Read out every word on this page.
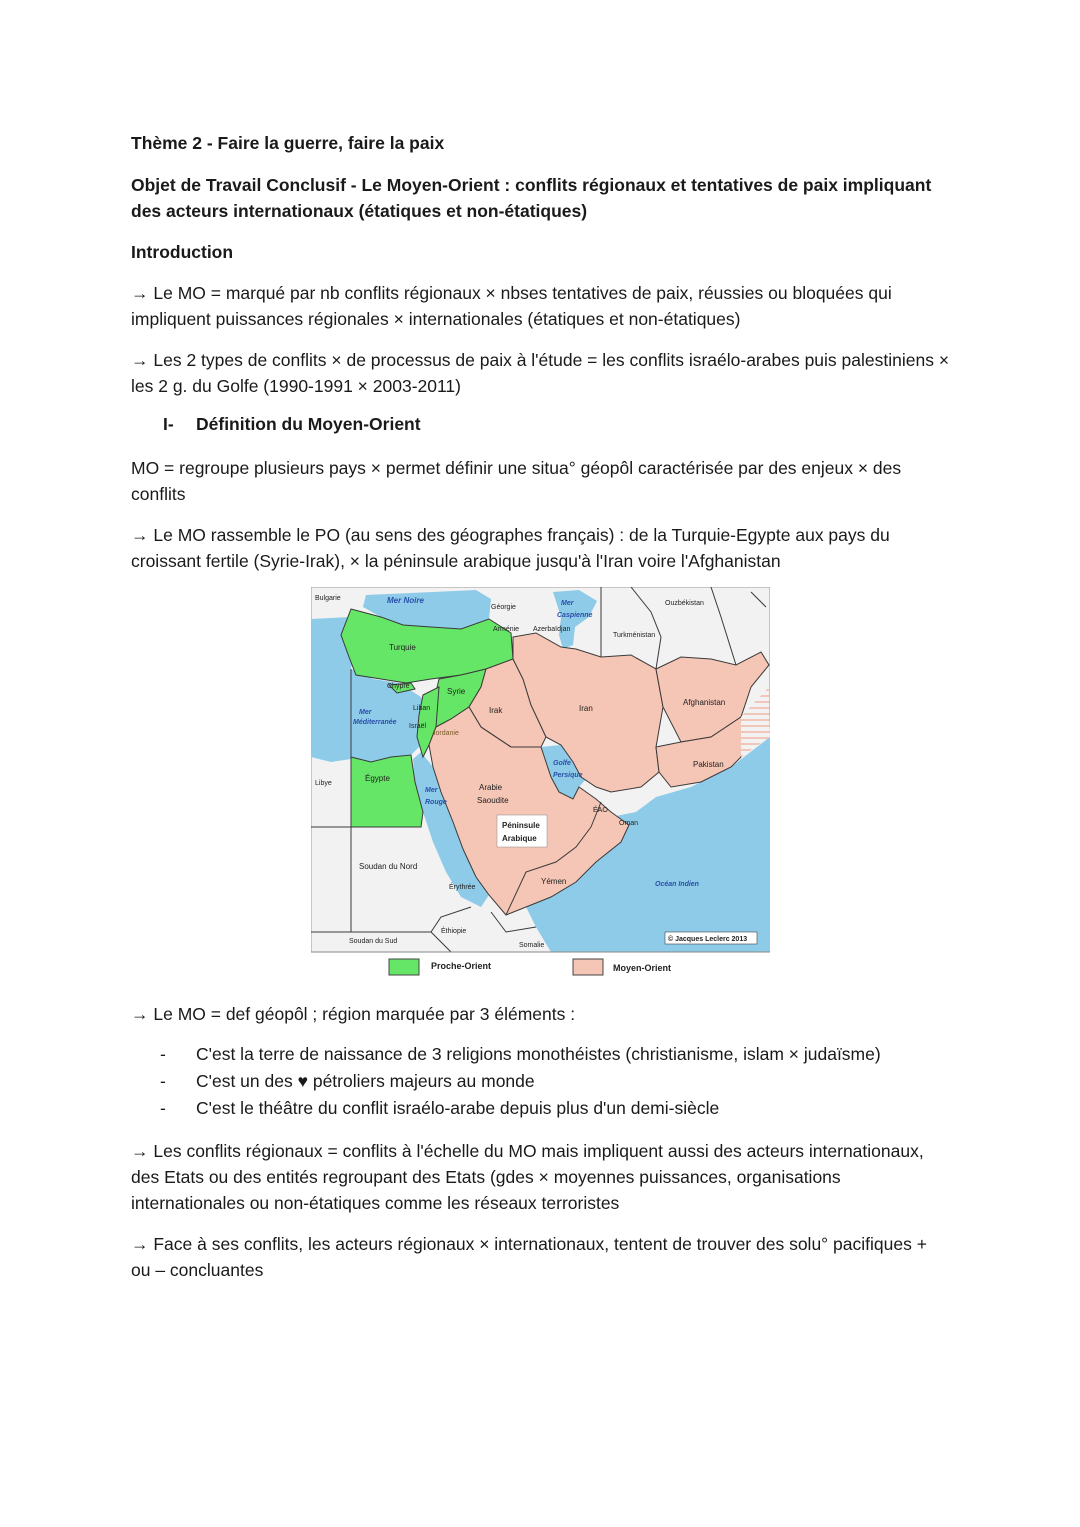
Thème 2 - Faire la guerre, faire la paix

Objet de Travail Conclusif - Le Moyen-Orient : conflits régionaux et tentatives de paix impliquant des acteurs internationaux (étatiques et non-étatiques)

Introduction

→ Le MO = marqué par nb conflits régionaux × nbses tentatives de paix, réussies ou bloquées qui impliquent puissances régionales × internationales (étatiques et non-étatiques)

→ Les 2 types de conflits × de processus de paix à l'étude = les conflits israélo-arabes puis palestiniens × les 2 g. du Golfe (1990-1991 × 2003-2011)

I- Définition du Moyen-Orient

MO = regroupe plusieurs pays × permet définir une situa° géopôl caractérisée par des enjeux × des conflits

→ Le MO rassemble le PO (au sens des géographes français) : de la Turquie-Egypte aux pays du croissant fertile (Syrie-Irak), × la péninsule arabique jusqu'à l'Iran voire l'Afghanistan

Bulgarie
Géorgie
Ouzbékistan
Arménie Azerbaïdjan
Turkménistan
Turquie
Chypre
Syrie
Liban
Israël
Jordanie
Irak	Iran
Afghanistan
Pakistan
Libye
Égypte
Arabie
Saoudite
ÉAO
Oman
Soudan du Nord
Érythrée
Yémen
Éthiopie
Soudan du Sud
Somalie
Mer Noire	Mer
Caspienne
Mer
Méditerranée
Golfe
Persique
Mer
Rouge
Océan Indien
Péninsule
Arabique
© Jacques Leclerc 2013
Proche-Orient	Moyen-Orient

→ Le MO = def géopôl ; région marquée par 3 éléments :

- C'est la terre de naissance de 3 religions monothéistes (christianisme, islam × judaïsme)
- C'est un des ♥ pétroliers majeurs au monde
- C'est le théâtre du conflit israélo-arabe depuis plus d'un demi-siècle

→ Les conflits régionaux = conflits à l'échelle du MO mais impliquent aussi des acteurs internationaux, des Etats ou des entités regroupant des Etats (gdes × moyennes puissances, organisations internationales ou non-étatiques comme les réseaux terroristes

→ Face à ses conflits, les acteurs régionaux × internationaux, tentent de trouver des solu° pacifiques + ou – concluantes
